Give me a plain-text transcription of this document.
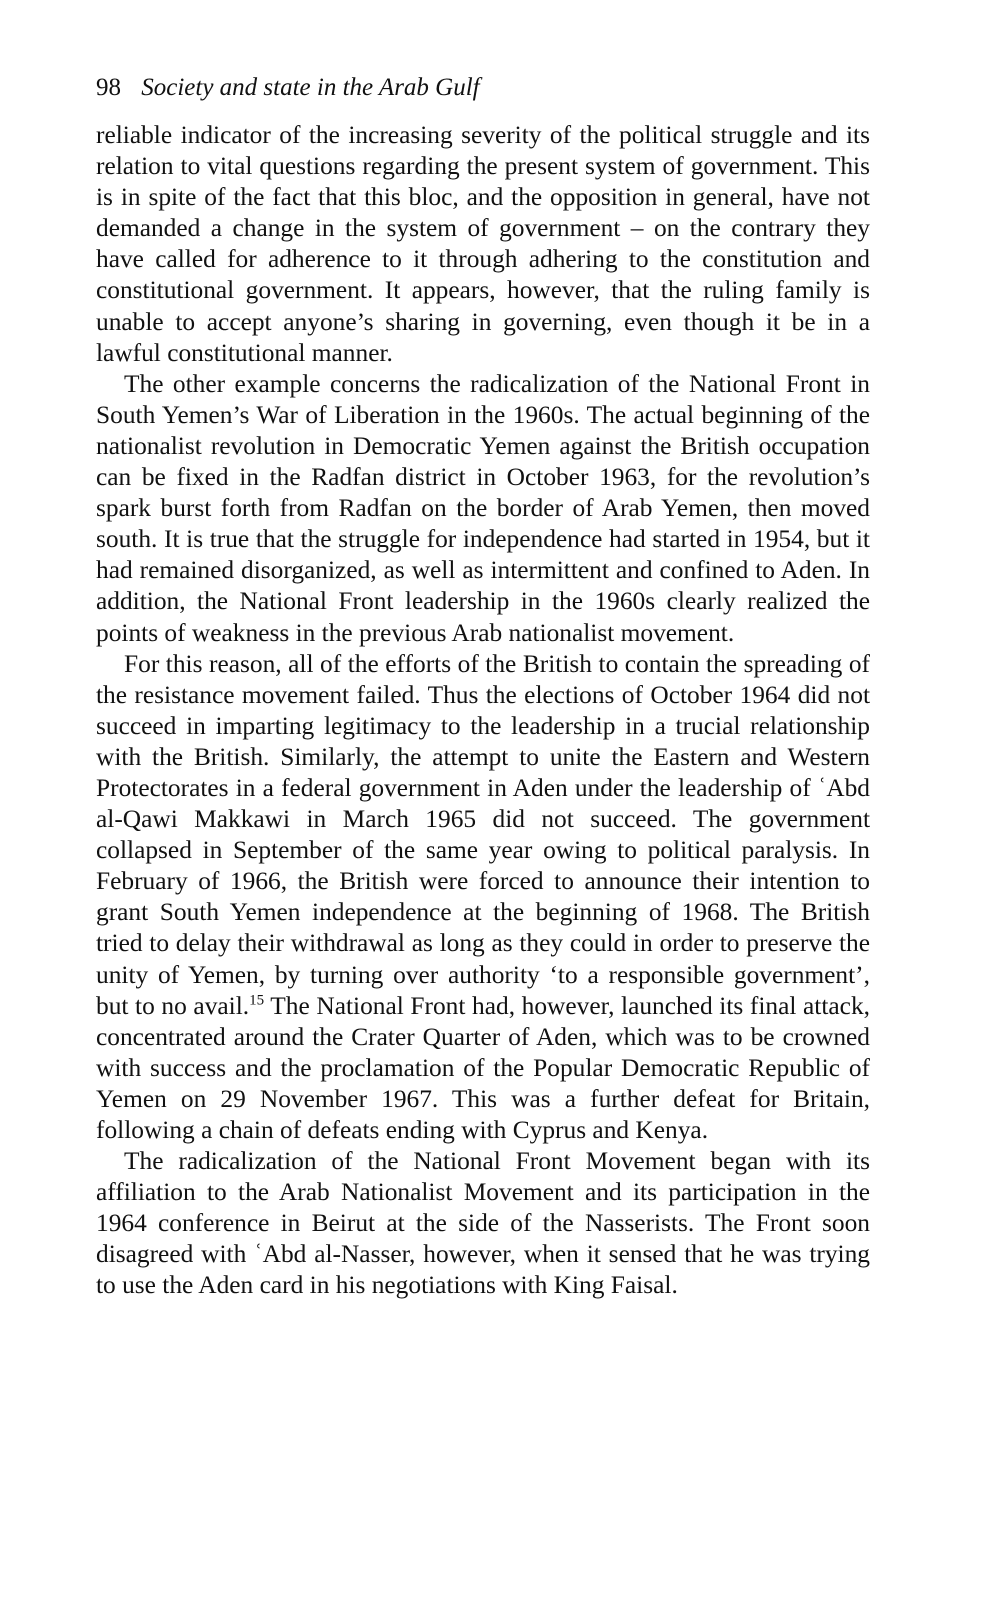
98 Society and state in the Arab Gulf

reliable indicator of the increasing severity of the political struggle and its relation to vital questions regarding the present system of government. This is in spite of the fact that this bloc, and the opposition in general, have not demanded a change in the system of government – on the contrary they have called for adherence to it through adhering to the constitution and constitutional government. It appears, however, that the ruling family is unable to accept anyone’s sharing in governing, even though it be in a lawful constitutional manner.

The other example concerns the radicalization of the National Front in South Yemen’s War of Liberation in the 1960s. The actual beginning of the nationalist revolution in Democratic Yemen against the British occupation can be fixed in the Radfan district in October 1963, for the revolution’s spark burst forth from Radfan on the border of Arab Yemen, then moved south. It is true that the struggle for independence had started in 1954, but it had remained disorganized, as well as intermittent and confined to Aden. In addition, the National Front leadership in the 1960s clearly realized the points of weakness in the previous Arab nationalist movement.

For this reason, all of the efforts of the British to contain the spreading of the resistance movement failed. Thus the elections of October 1964 did not succeed in imparting legitimacy to the leadership in a trucial relationship with the British. Similarly, the attempt to unite the Eastern and Western Protectorates in a federal government in Aden under the leadership of ʿAbd al-Qawi Makkawi in March 1965 did not succeed. The government collapsed in September of the same year owing to political paralysis. In February of 1966, the British were forced to announce their intention to grant South Yemen independence at the beginning of 1968. The British tried to delay their withdrawal as long as they could in order to preserve the unity of Yemen, by turning over authority ‘to a responsible government’, but to no avail.$^{15}$ The National Front had, however, launched its final attack, concentrated around the Crater Quarter of Aden, which was to be crowned with success and the proclamation of the Popular Democratic Republic of Yemen on 29 November 1967. This was a further defeat for Britain, following a chain of defeats ending with Cyprus and Kenya.

The radicalization of the National Front Movement began with its affiliation to the Arab Nationalist Movement and its participation in the 1964 conference in Beirut at the side of the Nasserists. The Front soon disagreed with ʿAbd al-Nasser, however, when it sensed that he was trying to use the Aden card in his negotiations with King Faisal.
